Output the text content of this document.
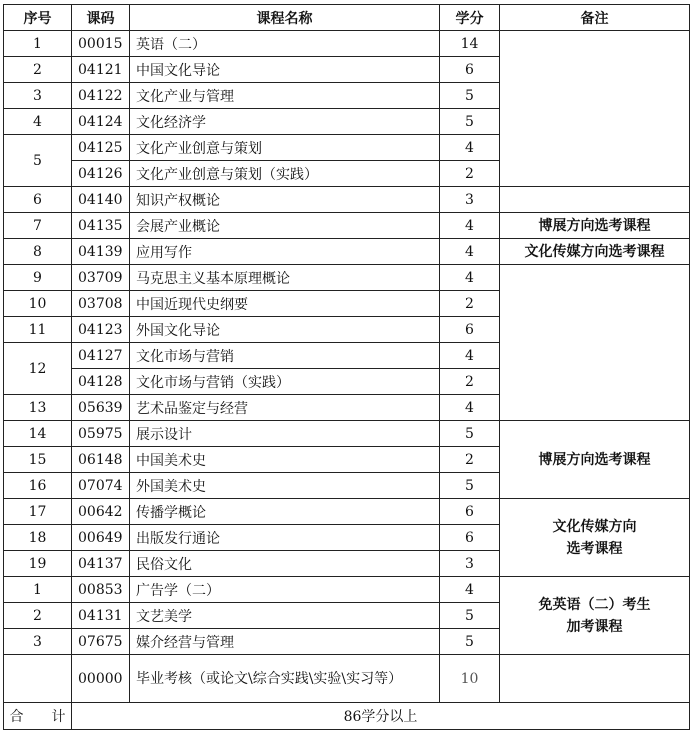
序号	课码	课程名称	学分	备注
1	00015	英语（二）	14	
2	04121	中国文化导论	6	
3	04122	文化产业与管理	5	
4	04124	文化经济学	5	
5	04125	文化产业创意与策划	4	
	04126	文化产业创意与策划（实践）	2	
6	04140	知识产权概论	3	
7	04135	会展产业概论	4	博展方向选考课程
8	04139	应用写作	4	文化传媒方向选考课程
9	03709	马克思主义基本原理概论	4	
10	03708	中国近现代史纲要	2	
11	04123	外国文化导论	6	
12	04127	文化市场与营销	4	
	04128	文化市场与营销（实践）	2	
13	05639	艺术品鉴定与经营	4	
14	05975	展示设计	5	博展方向选考课程
15	06148	中国美术史	2	
16	07074	外国美术史	5	
17	00642	传播学概论	6	文化传媒方向
选考课程

18	00649	出版发行通论	6	
19	04137	民俗文化	3	
1	00853	广告学（二）	4	免英语（二）考生
加考课程

2	04131	文艺美学	5	
3	07675	媒介经营与管理	5	
	00000	毕业考核（或论文\综合实践\实验\实习等）	10	
合　　计	86学分以上			
